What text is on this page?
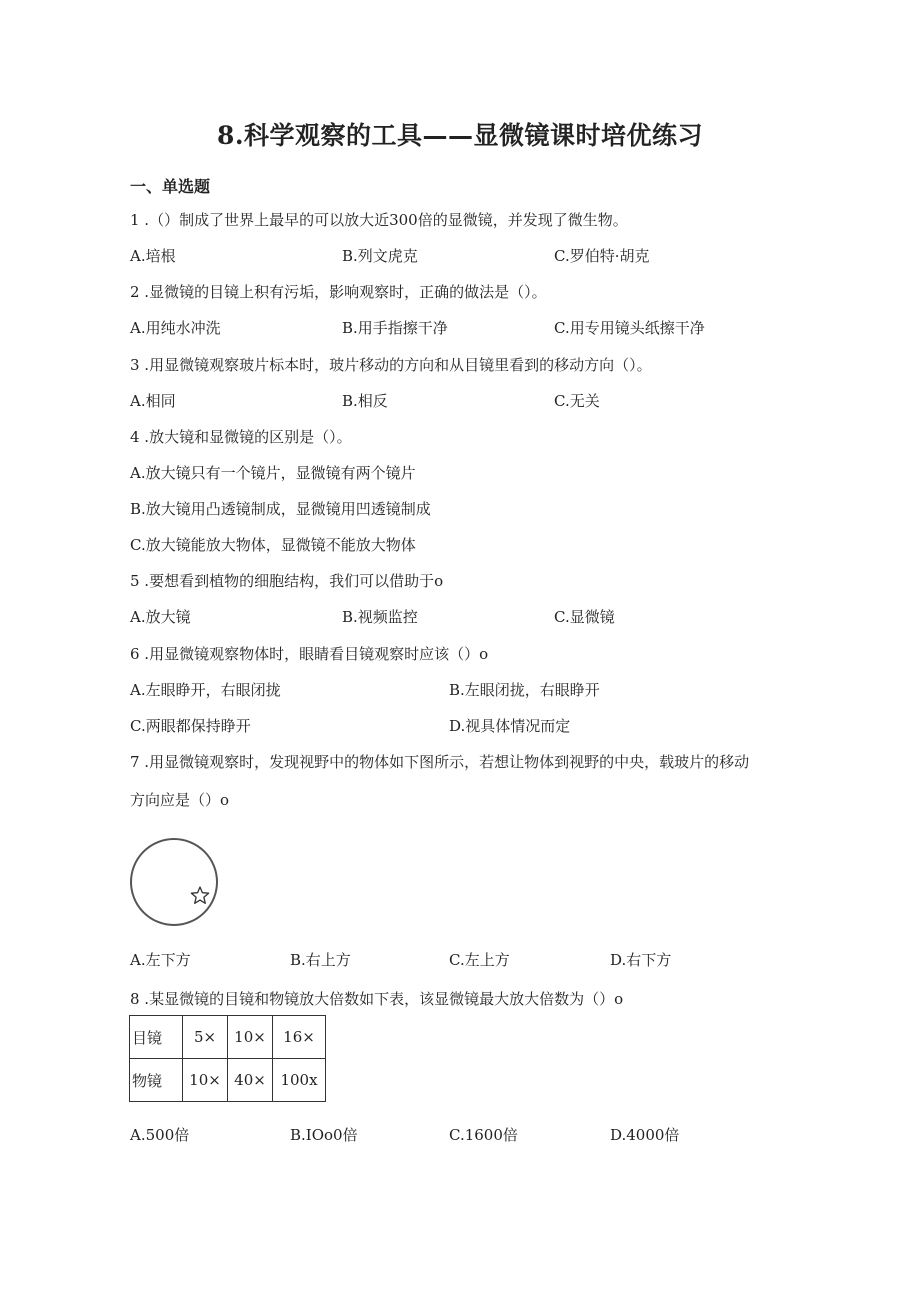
8.科学观察的工具——显微镜课时培优练习
一、单选题
1 .（）制成了世界上最早的可以放大近300倍的显微镜，并发现了微生物。
A.培根	B.列文虎克	C.罗伯特·胡克
2 .显微镜的目镜上积有污垢，影响观察时，正确的做法是（）。
A.用纯水冲洗	B.用手指擦干净	C.用专用镜头纸擦干净
3 .用显微镜观察玻片标本时，玻片移动的方向和从目镜里看到的移动方向（）。
A.相同	B.相反	C.无关
4 .放大镜和显微镜的区别是（）。
A.放大镜只有一个镜片，显微镜有两个镜片
B.放大镜用凸透镜制成，显微镜用凹透镜制成
C.放大镜能放大物体，显微镜不能放大物体
5 .要想看到植物的细胞结构，我们可以借助于o
A.放大镜	B.视频监控	C.显微镜
6 .用显微镜观察物体时，眼睛看目镜观察时应该（）o
A.左眼睁开，右眼闭拢	B.左眼闭拢，右眼睁开
C.两眼都保持睁开	D.视具体情况而定
7 .用显微镜观察时，发现视野中的物体如下图所示，若想让物体到视野的中央，载玻片的移动
方向应是（）o
A.左下方	B.右上方	C.左上方	D.右下方
8 .某显微镜的目镜和物镜放大倍数如下表，该显微镜最大放大倍数为（）o
目镜	5×	10×	16×
物镜	10×	40×	100x
A.500倍	B.IOo0倍	C.1600倍	D.4000倍
